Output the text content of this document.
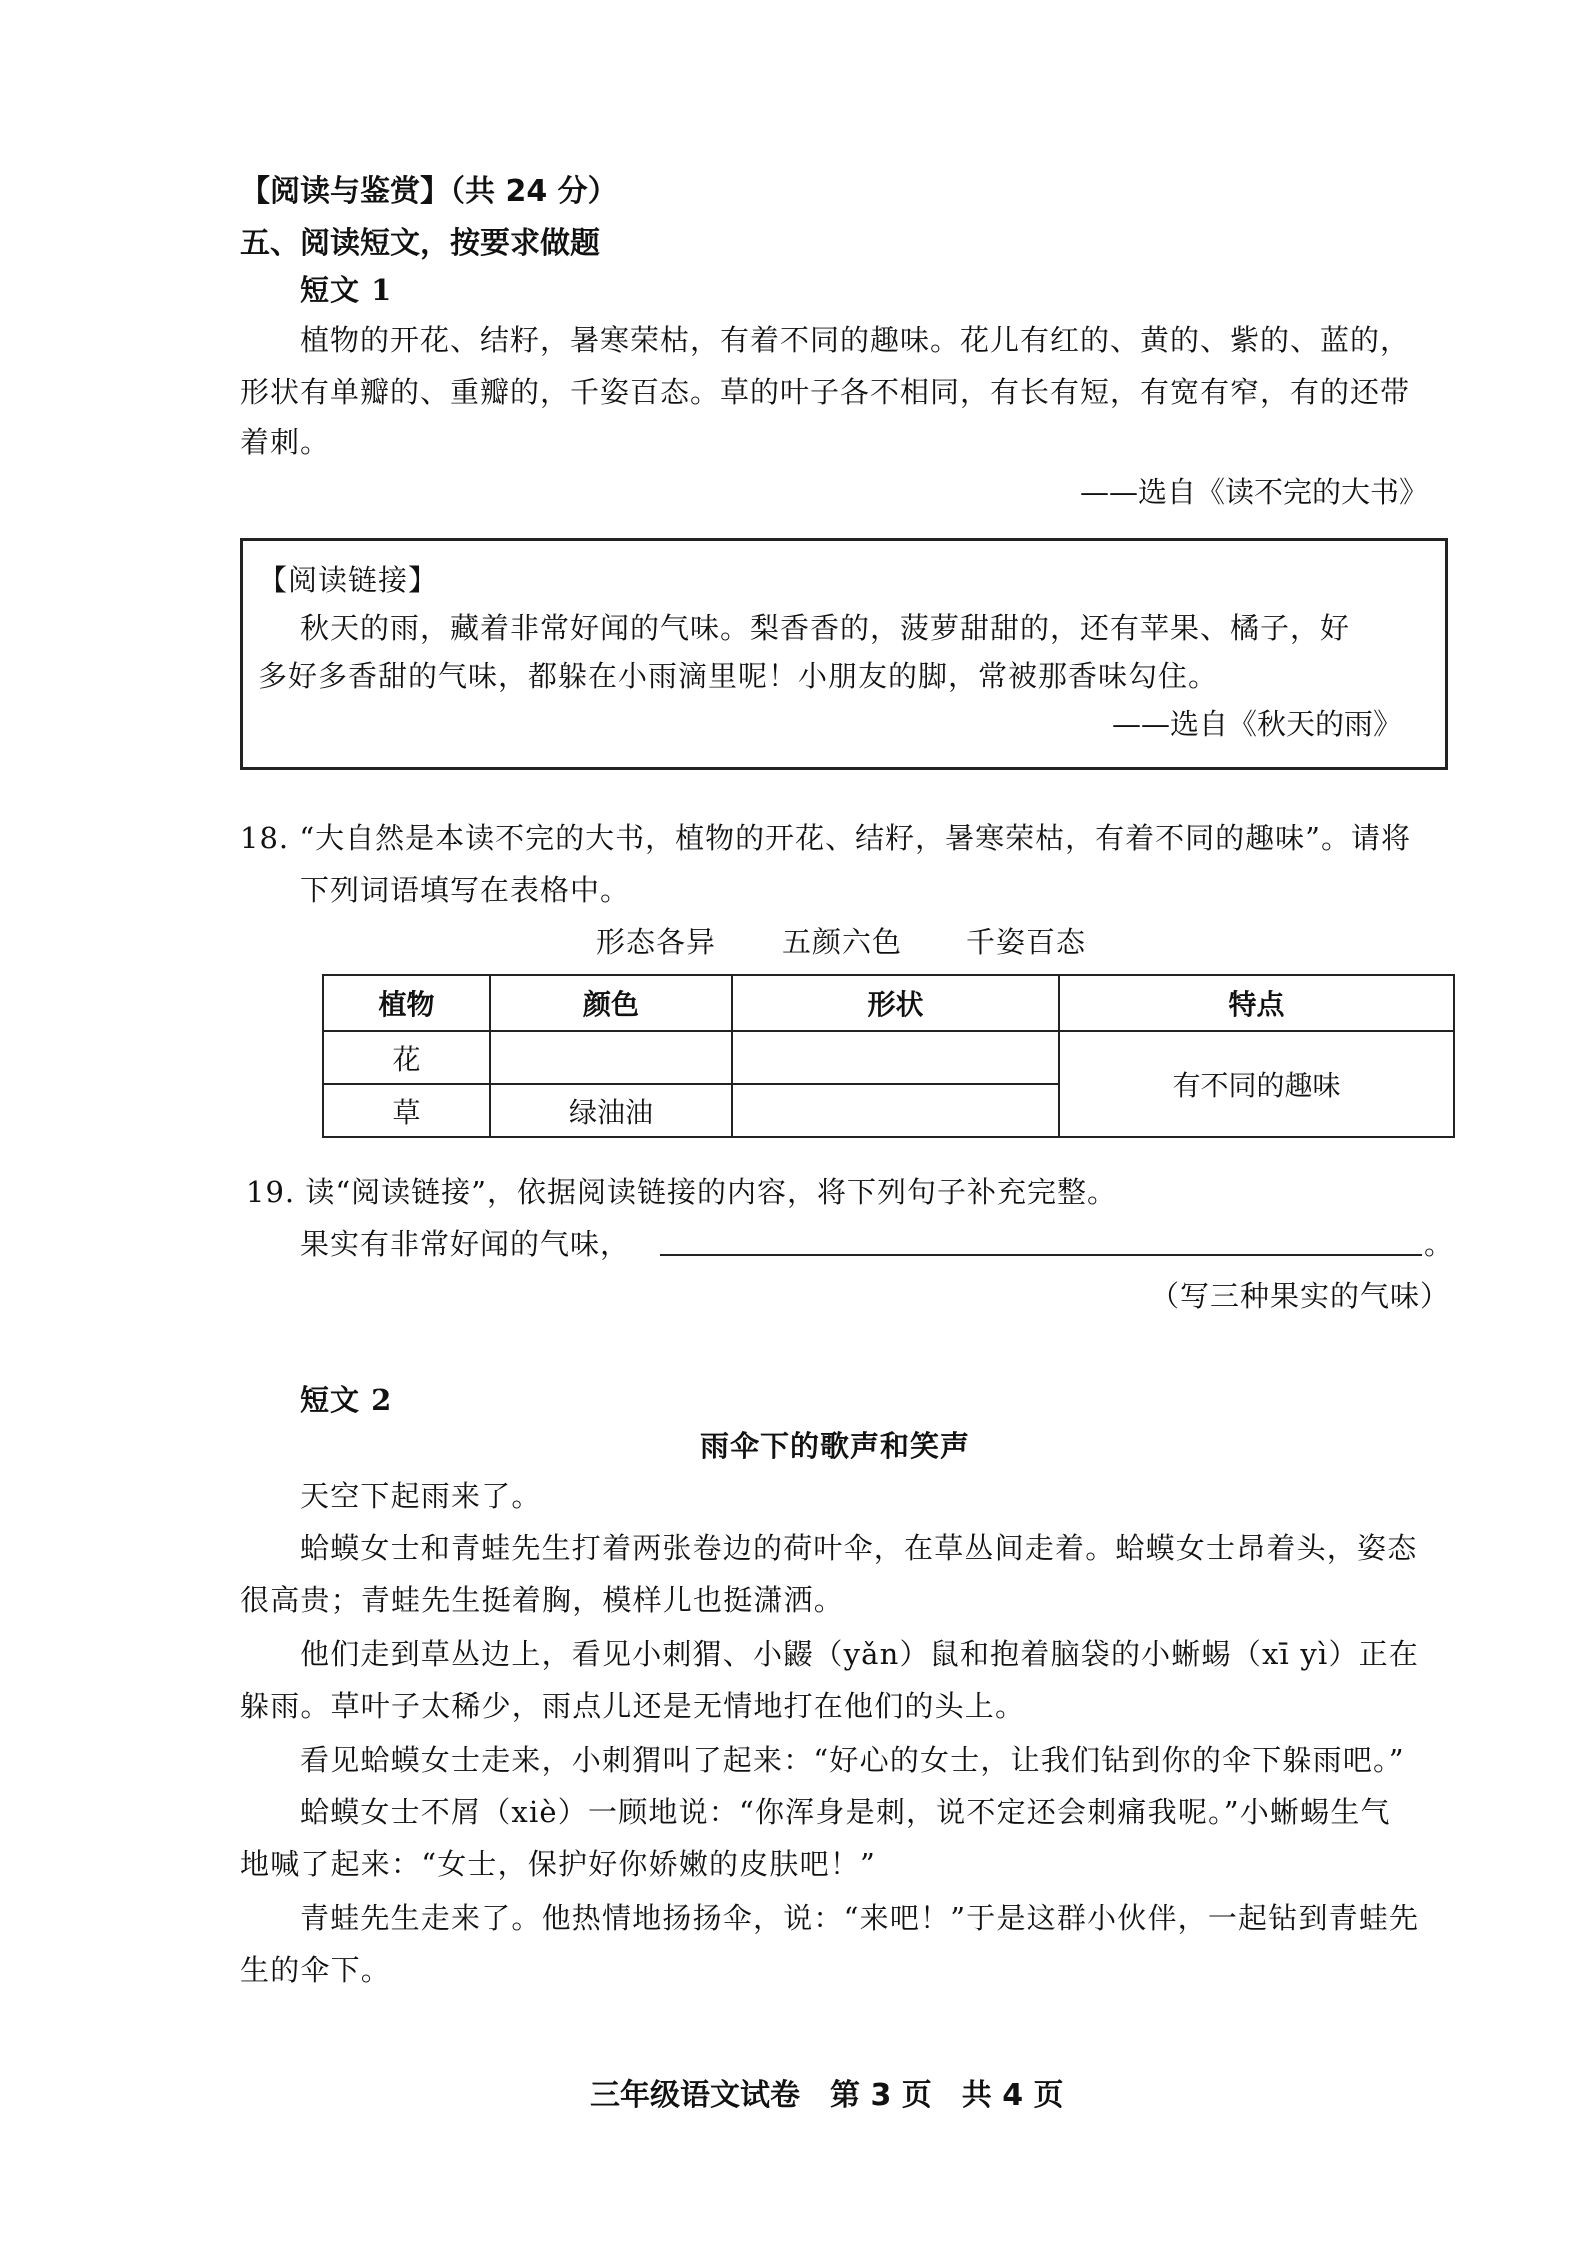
【阅读与鉴赏】（共 24 分）
五、阅读短文，按要求做题
短文 1
植物的开花、结籽，暑寒荣枯，有着不同的趣味。花儿有红的、黄的、紫的、蓝的，
形状有单瓣的、重瓣的，千姿百态。草的叶子各不相同，有长有短，有宽有窄，有的还带
着刺。
——选自《读不完的大书》
【阅读链接】
秋天的雨，藏着非常好闻的气味。梨香香的，菠萝甜甜的，还有苹果、橘子，好
多好多香甜的气味，都躲在小雨滴里呢！小朋友的脚，常被那香味勾住。
——选自《秋天的雨》
18. “大自然是本读不完的大书，植物的开花、结籽，暑寒荣枯，有着不同的趣味”。请将
下列词语填写在表格中。
形态各异 五颜六色 千姿百态
植物	颜色	形状	特点
花			有不同的趣味
草	绿油油		
19. 读“阅读链接”，依据阅读链接的内容，将下列句子补充完整。
果实有非常好闻的气味，	。
（写三种果实的气味）
短文 2
雨伞下的歌声和笑声
天空下起雨来了。
蛤蟆女士和青蛙先生打着两张卷边的荷叶伞，在草丛间走着。蛤蟆女士昂着头，姿态
很高贵；青蛙先生挺着胸，模样儿也挺潇洒。
他们走到草丛边上，看见小刺猬、小鼹（yǎn）鼠和抱着脑袋的小蜥蜴（xī yì）正在
躲雨。草叶子太稀少，雨点儿还是无情地打在他们的头上。
看见蛤蟆女士走来，小刺猬叫了起来：“好心的女士，让我们钻到你的伞下躲雨吧。”
蛤蟆女士不屑（xiè）一顾地说：“你浑身是刺，说不定还会刺痛我呢。”小蜥蜴生气
地喊了起来：“女士，保护好你娇嫩的皮肤吧！”
青蛙先生走来了。他热情地扬扬伞，说：“来吧！”于是这群小伙伴，一起钻到青蛙先
生的伞下。
三年级语文试卷　第 3 页　共 4 页
